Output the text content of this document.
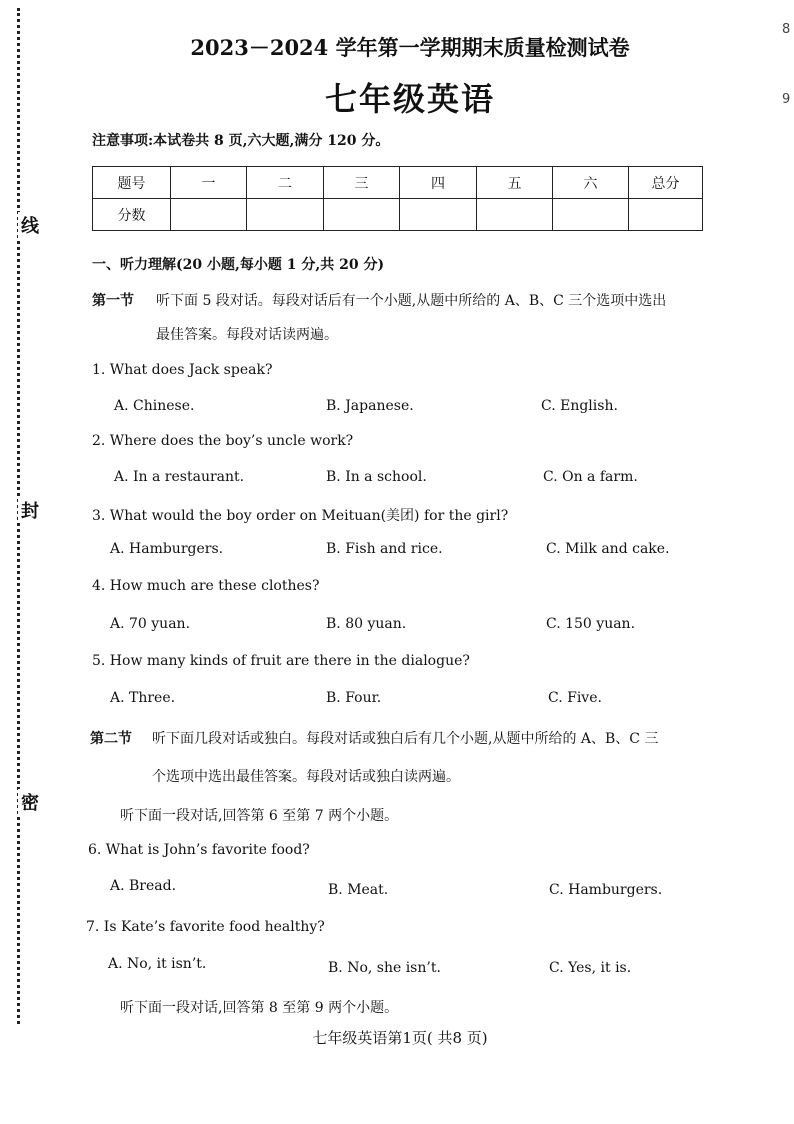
线
封
密
8
9
2023－2024 学年第一学期期末质量检测试卷
七年级英语
注意事项:本试卷共 8 页,六大题,满分 120 分。
题号	一	二	三	四	五	六	总分
分数							
一、听力理解(20 小题,每小题 1 分,共 20 分)
第一节 听下面 5 段对话。每段对话后有一个小题,从题中所给的 A、B、C 三个选项中选出
最佳答案。每段对话读两遍。
1. What does Jack speak?
A. Chinese.	B. Japanese.	C. English.
2. Where does the boy’s uncle work?
A. In a restaurant.	B. In a school.	C. On a farm.
3. What would the boy order on Meituan(美团) for the girl?
A. Hamburgers.	B. Fish and rice.	C. Milk and cake.
4. How much are these clothes?
A. 70 yuan.	B. 80 yuan.	C. 150 yuan.
5. How many kinds of fruit are there in the dialogue?
A. Three.	B. Four.	C. Five.
第二节 听下面几段对话或独白。每段对话或独白后有几个小题,从题中所给的 A、B、C 三
个选项中选出最佳答案。每段对话或独白读两遍。
听下面一段对话,回答第 6 至第 7 两个小题。
6. What is John’s favorite food?
A. Bread.	B. Meat.	C. Hamburgers.
7. Is Kate’s favorite food healthy?
A. No, it isn’t.	B. No, she isn’t.	C. Yes, it is.
听下面一段对话,回答第 8 至第 9 两个小题。
七年级英语第1页( 共8 页)
